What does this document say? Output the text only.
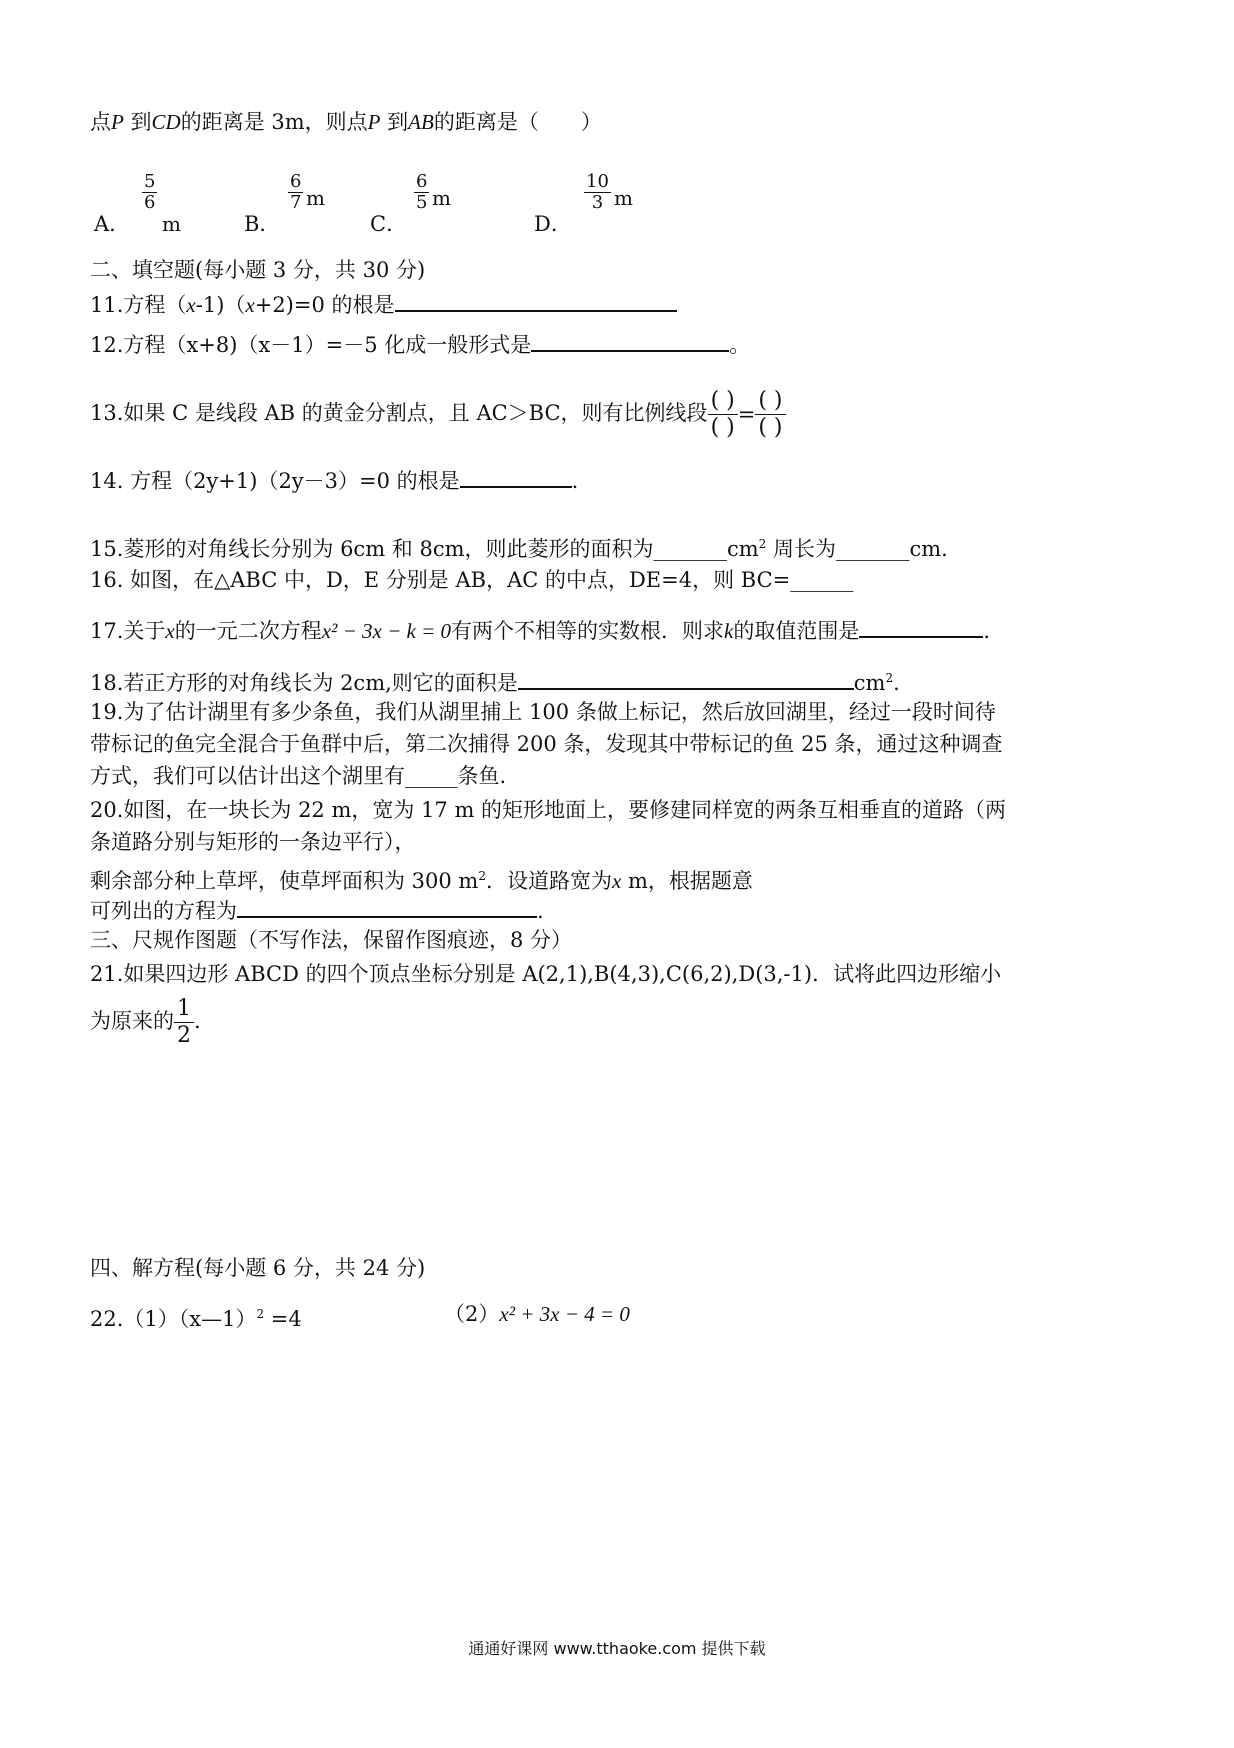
点P 到CD的距离是 3m，则点P 到AB的距离是（　　）
A．
$\frac{5}{6}$
m	B．
$\frac{6}{7}$ m
C．
$\frac{6}{5}$ m
D．
$\frac{10}{3}$ m
二、填空题(每小题 3 分，共 30 分)
11.方程（x-1)（x+2)=0 的根是
12.方程（x+8)（x－1）=－5 化成一般形式是	。
13.如果 C 是线段 AB 的黄金分割点，且 AC＞BC，则有比例线段 $\frac{( )}{( )} = \frac{( )}{( )}$
14. 方程（2y+1)（2y－3）=0 的根是	.
15.菱形的对角线长分别为 6cm 和 8cm，则此菱形的面积为$\_\_\_\_\_\_\_cm^2$ 周长为_______cm.
16. 如图，在△ABC 中，D，E 分别是 AB，AC 的中点，DE=4，则 BC=______
17.关于x的一元二次方程x² − 3x − k = 0有两个不相等的实数根．则求k的取值范围是	.
18.若正方形的对角线长为 2cm,则它的面积是	$cm^2$.
19.为了估计湖里有多少条鱼，我们从湖里捕上 100 条做上标记，然后放回湖里，经过一段时间待
带标记的鱼完全混合于鱼群中后，第二次捕得 200 条，发现其中带标记的鱼 25 条，通过这种调查
方式，我们可以估计出这个湖里有_____条鱼.
20.如图，在一块长为 22 m，宽为 17 m 的矩形地面上，要修建同样宽的两条互相垂直的道路（两
条道路分别与矩形的一条边平行），
剩余部分种上草坪，使草坪面积为 300 $m^2$．设道路宽为x m，根据题意
可列出的方程为	.
三、尺规作图题（不写作法，保留作图痕迹，8 分）
21.如果四边形 ABCD 的四个顶点坐标分别是 A(2,1),B(4,3),C(6,2),D(3,-1)．试将此四边形缩小
为原来的 $\frac{1}{2}$ .
四、解方程(每小题 6 分，共 24 分)
22.（1）（x—1）$^2$ =4	（2）x² + 3x − 4 = 0
通通好课网 www.tthaoke.com 提供下载
